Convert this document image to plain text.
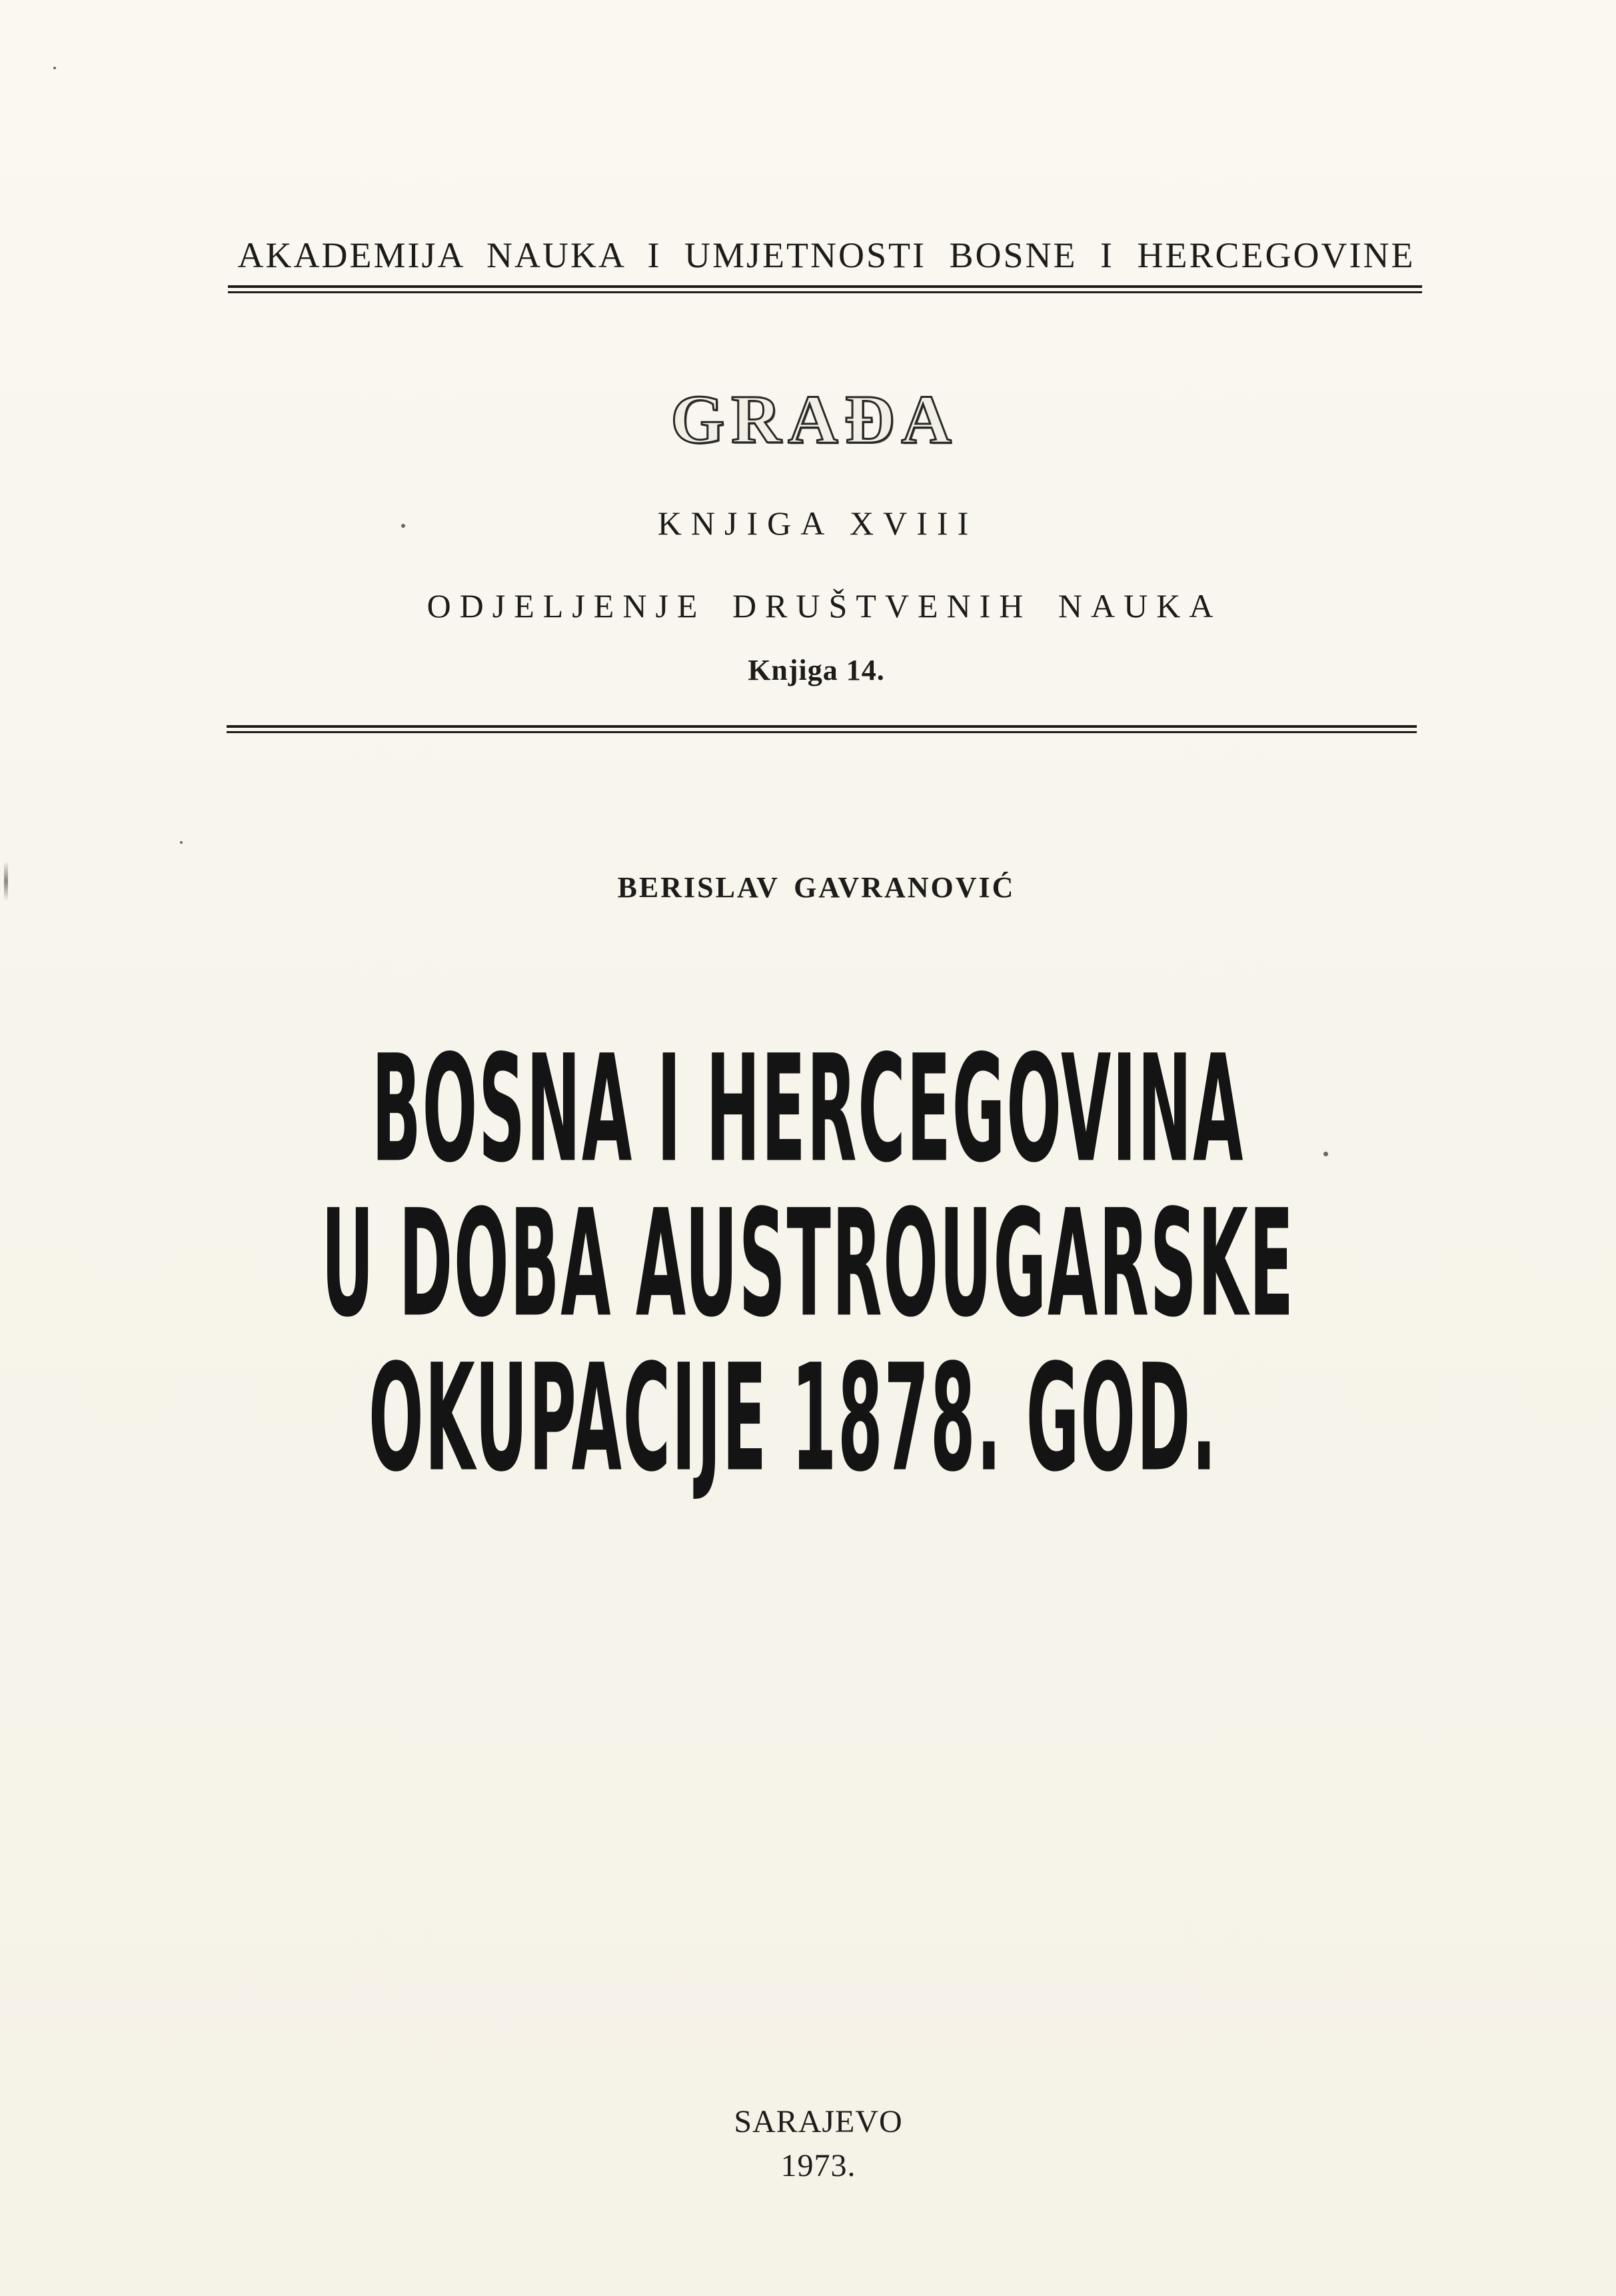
AKADEMIJA NAUKA I UMJETNOSTI BOSNE I HERCEGOVINE
GRAĐA
KNJIGA XVIII
ODJELJENJE DRUŠTVENIH NAUKA
Knjiga 14.
BERISLAV GAVRANOVIĆ
BOSNA I HERCEGOVINA
U DOBA AUSTROUGARSKE
OKUPACIJE 1878. GOD.
SARAJEVO
1973.
